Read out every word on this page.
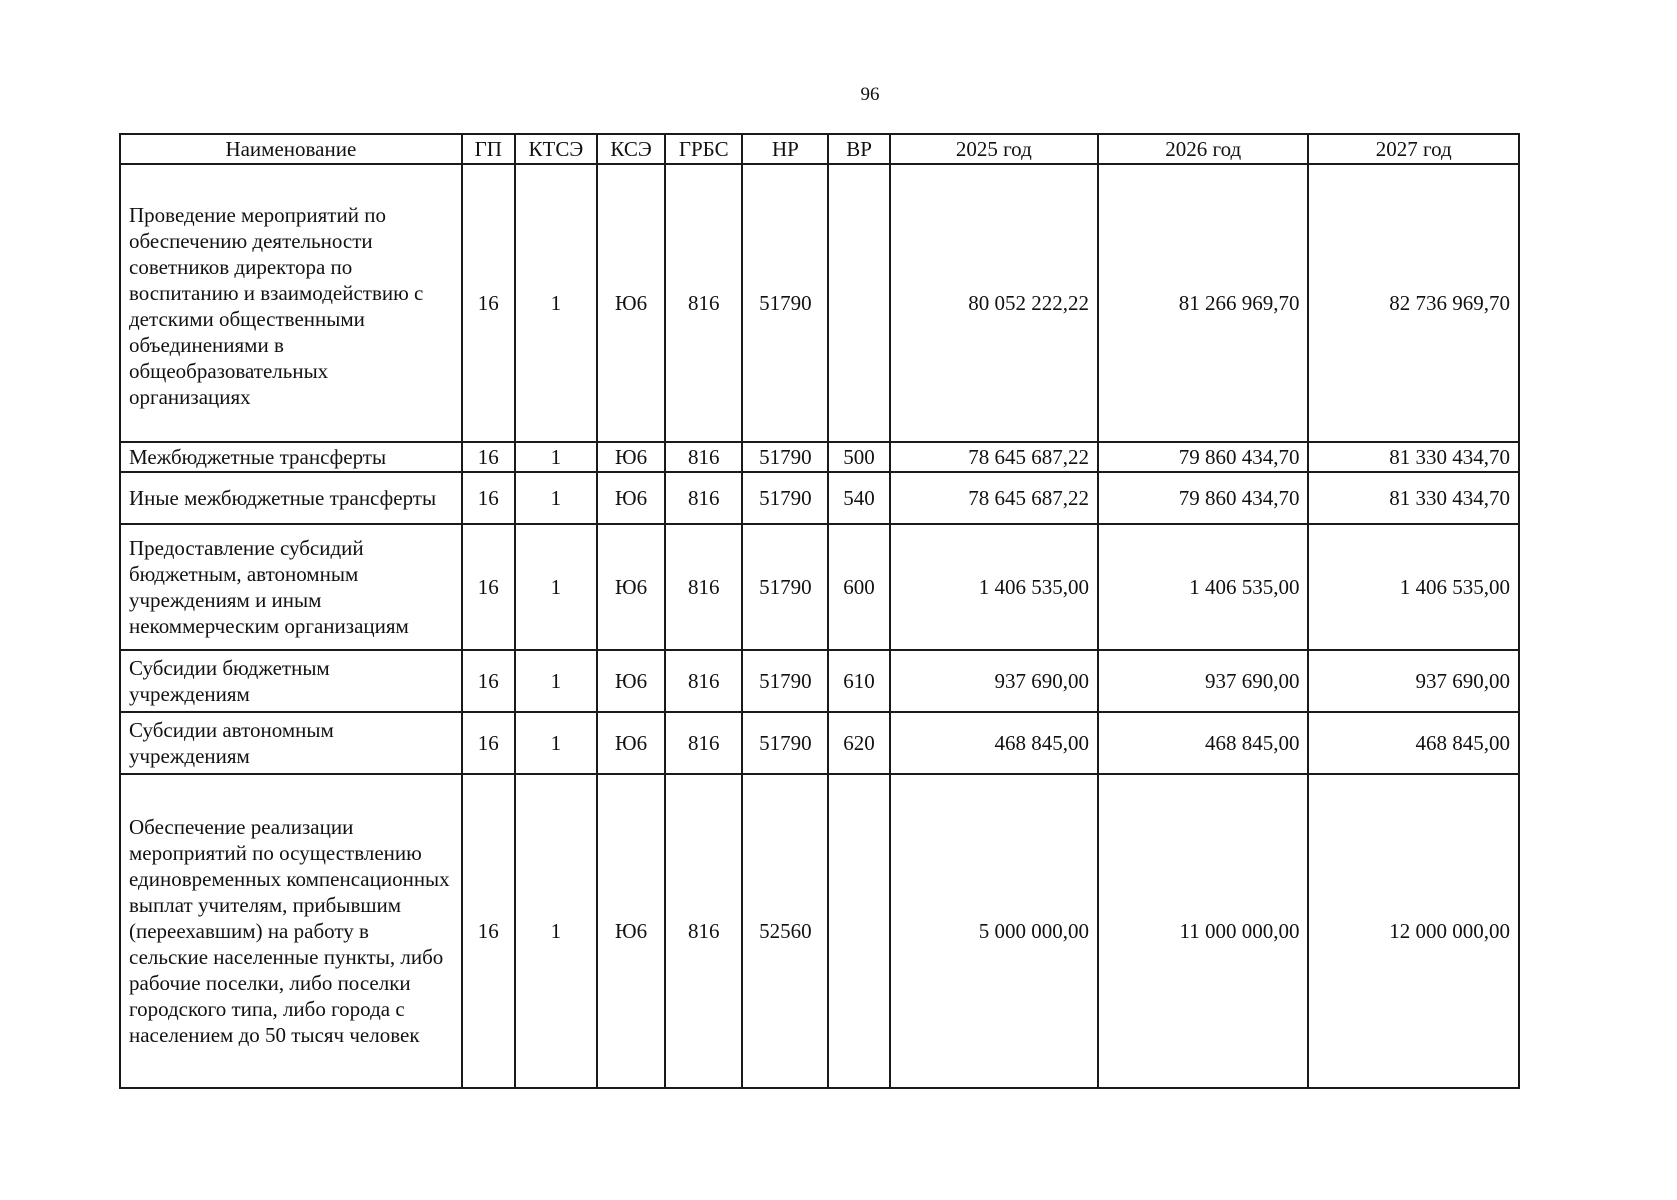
96
Наименование	ГП	КТСЭ	КСЭ	ГРБС	НР	ВР	2025 год	2026 год	2027 год
Проведение мероприятий по обеспечению деятельности советников директора по воспитанию и взаимодействию с детскими общественными объединениями в общеобразовательных организациях	16	1	Ю6	816	51790		80 052 222,22	81 266 969,70	82 736 969,70
Межбюджетные трансферты	16	1	Ю6	816	51790	500	78 645 687,22	79 860 434,70	81 330 434,70
Иные межбюджетные трансферты	16	1	Ю6	816	51790	540	78 645 687,22	79 860 434,70	81 330 434,70
Предоставление субсидий бюджетным, автономным учреждениям и иным некоммерческим организациям	16	1	Ю6	816	51790	600	1 406 535,00	1 406 535,00	1 406 535,00
Субсидии бюджетным учреждениям	16	1	Ю6	816	51790	610	937 690,00	937 690,00	937 690,00
Субсидии автономным учреждениям	16	1	Ю6	816	51790	620	468 845,00	468 845,00	468 845,00
Обеспечение реализации мероприятий по осуществлению единовременных компенсационных выплат учителям, прибывшим (переехавшим) на работу в сельские населенные пункты, либо рабочие поселки, либо поселки городского типа, либо города с населением до 50 тысяч человек	16	1	Ю6	816	52560		5 000 000,00	11 000 000,00	12 000 000,00
